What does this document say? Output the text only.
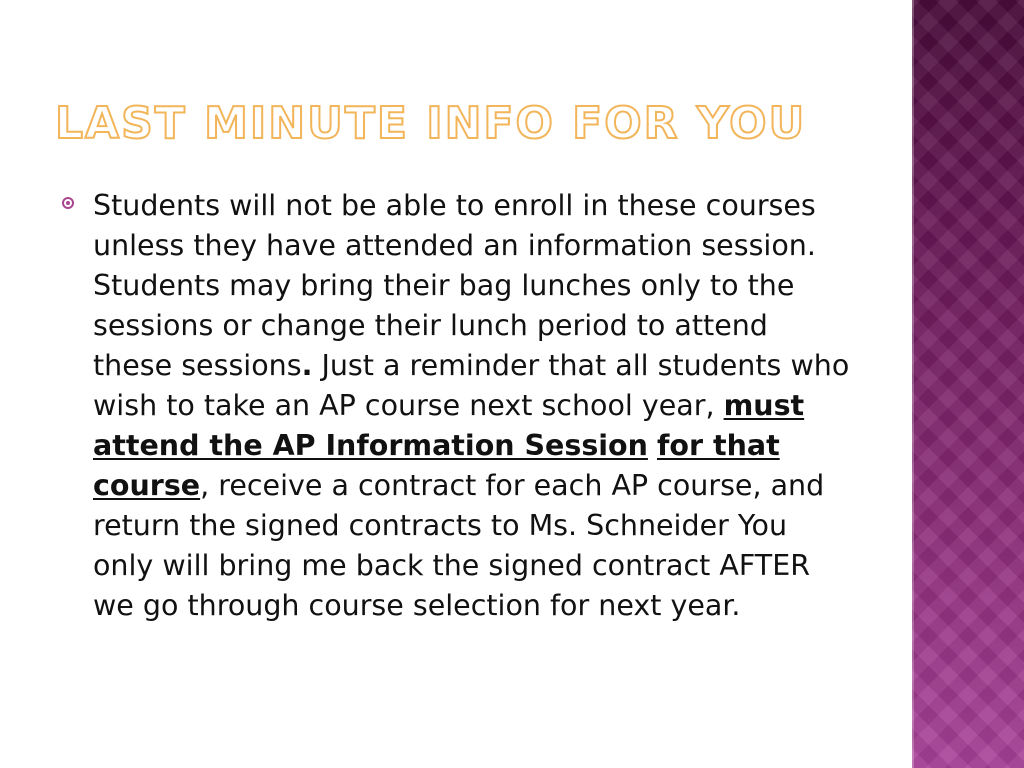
LAST MINUTE INFO FOR YOU

Students will not be able to enroll in these courses unless they have attended an information session. Students may bring their bag lunches only to the sessions or change their lunch period to attend these sessions. Just a reminder that all students who wish to take an AP course next school year, must attend the AP Information Session for that course, receive a contract for each AP course, and return the signed contracts to Ms. Schneider You only will bring me back the signed contract AFTER we go through course selection for next year.
